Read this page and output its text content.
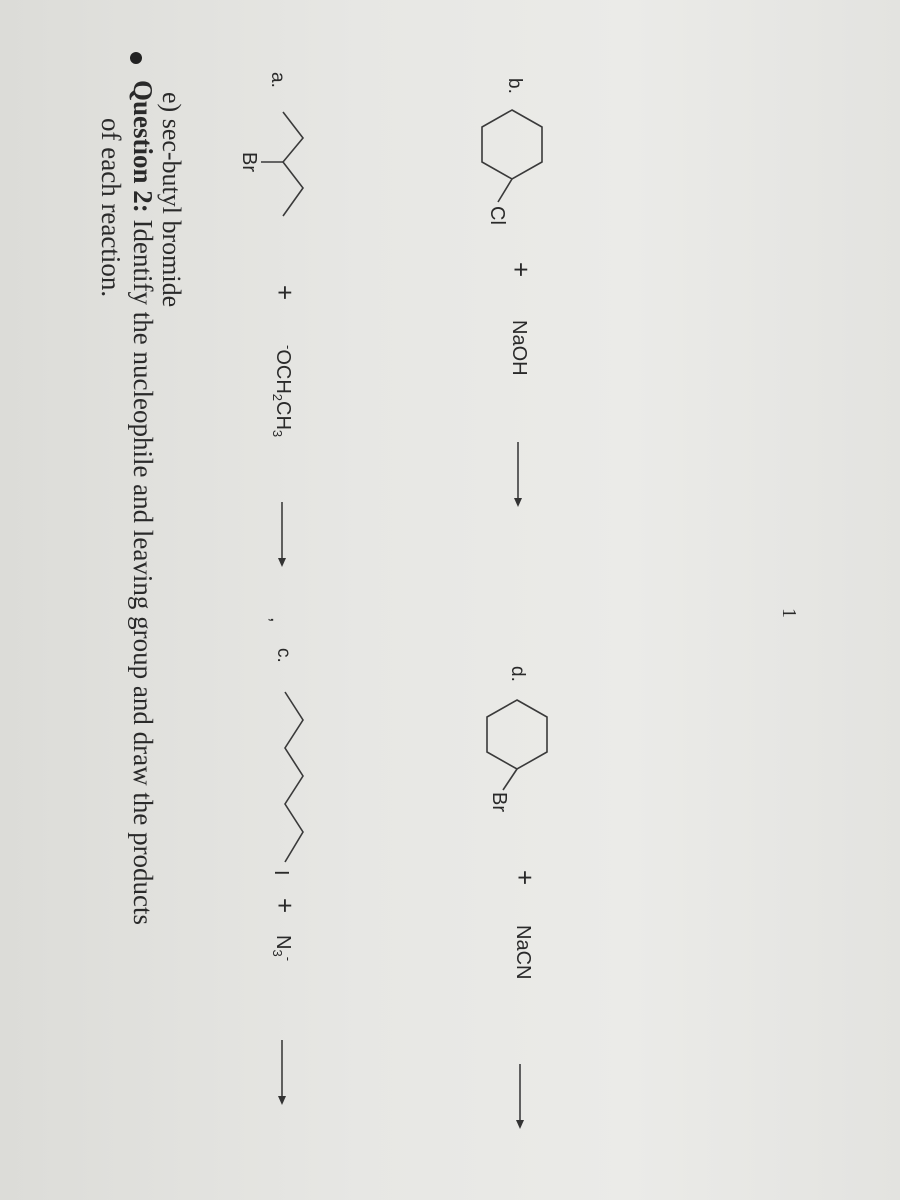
e) sec-butyl bromide
Question 2: Identify the nucleophile and leaving group and draw the products
of each reaction.
a.
Br
+
$^-OCH_2CH_3$
,
c.
I
+
$N_3^-$
b.
Cl
+
NaOH
d.
Br
+
NaCN
1
